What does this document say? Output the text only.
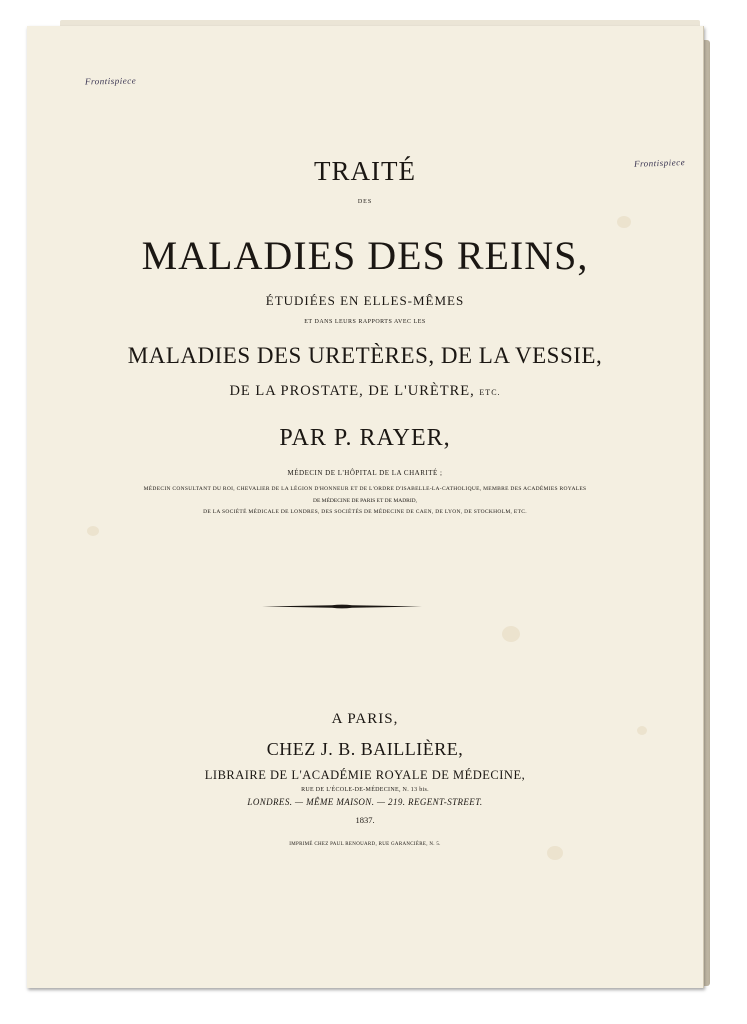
Frontispiece
Frontispiece
TRAITÉ
DES
MALADIES DES REINS,
ÉTUDIÉES EN ELLES-MÊMES
ET DANS LEURS RAPPORTS AVEC LES
MALADIES DES URETÈRES, DE LA VESSIE,
DE LA PROSTATE, DE L'URÈTRE, ETC.
PAR P. RAYER,
MÉDECIN DE L'HÔPITAL DE LA CHARITÉ ;
MÉDECIN CONSULTANT DU ROI, CHEVALIER DE LA LÉGION D'HONNEUR ET DE L'ORDRE D'ISABELLE-LA-CATHOLIQUE, MEMBRE DES ACADÉMIES ROYALES
DE MÉDECINE DE PARIS ET DE MADRID,
DE LA SOCIÉTÉ MÉDICALE DE LONDRES, DES SOCIÉTÉS DE MÉDECINE DE CAEN, DE LYON, DE STOCKHOLM, ETC.
A PARIS,
CHEZ J. B. BAILLIÈRE,
LIBRAIRE DE L'ACADÉMIE ROYALE DE MÉDECINE,
RUE DE L'ÉCOLE-DE-MÉDECINE, N. 13 bis.
LONDRES. — MÊME MAISON. — 219. REGENT-STREET.
1837.
IMPRIMÉ CHEZ PAUL RENOUARD, RUE GARANCIÈRE, N. 5.
